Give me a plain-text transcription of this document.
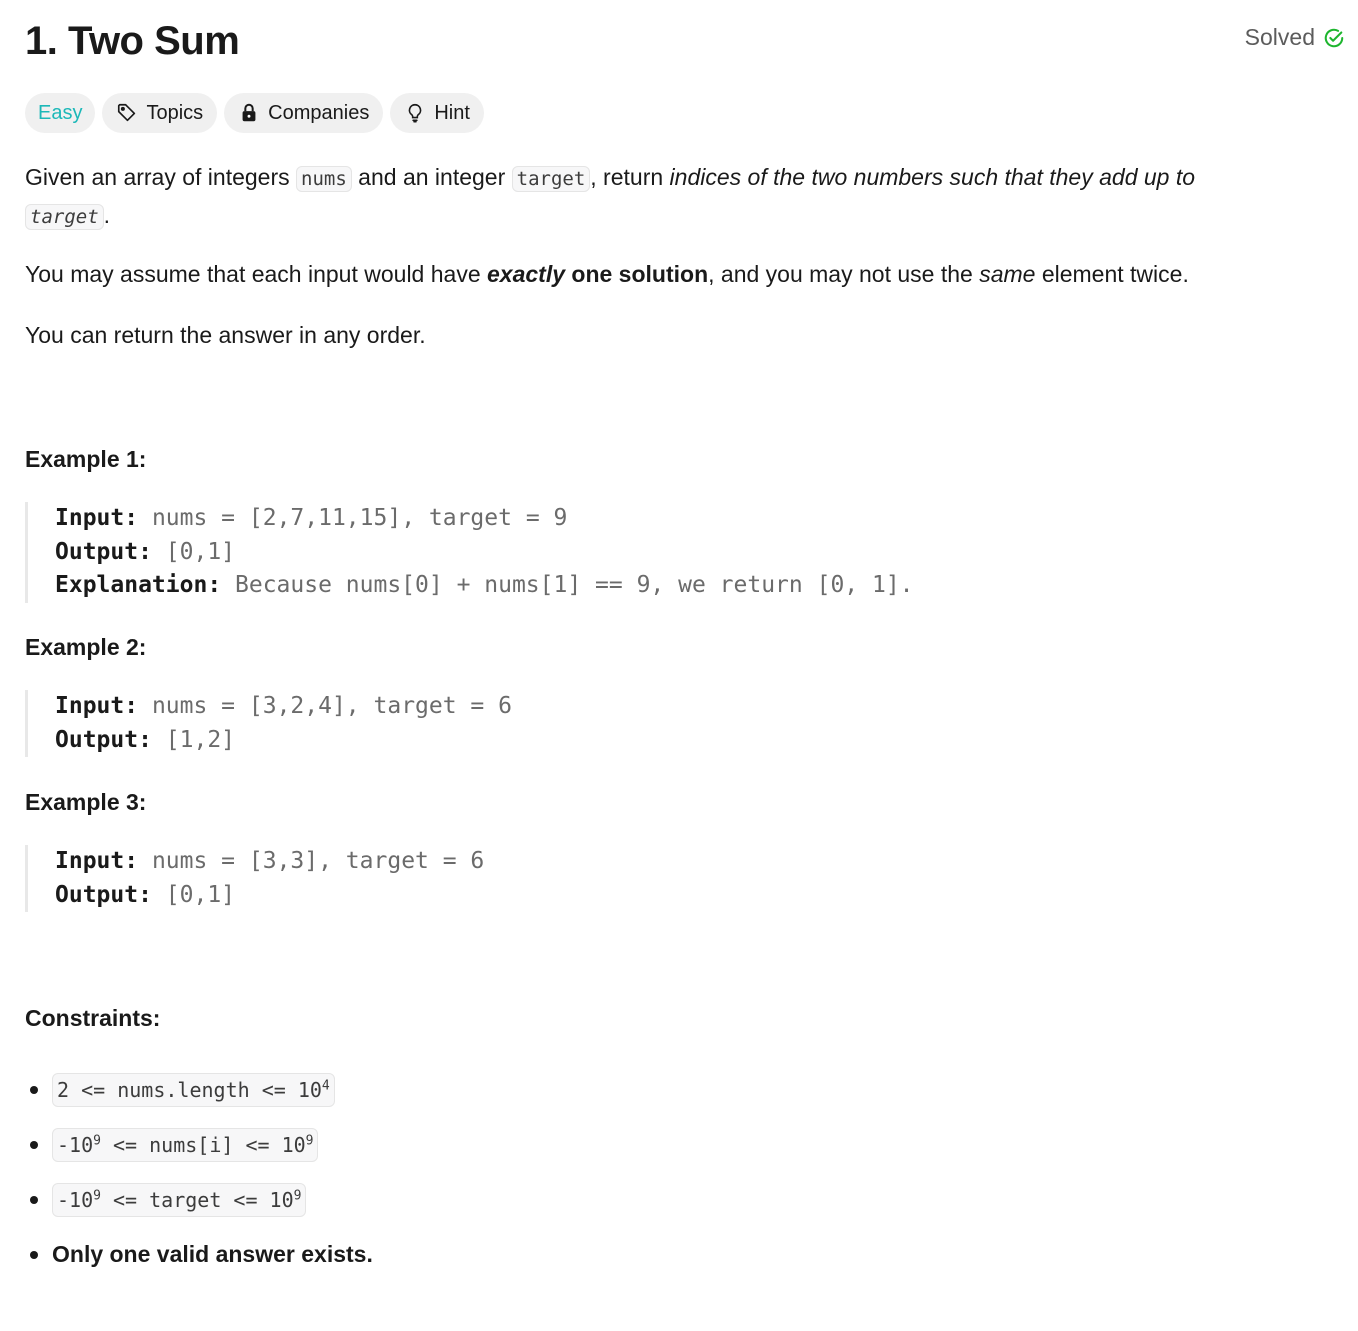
1. Two Sum	Solved
Easy	Topics	Companies	Hint

Given an array of integers nums and an integer target , return indices of the two numbers such that they add up to
target .

You may assume that each input would have exactly one solution, and you may not use the same element twice.

You can return the answer in any order.

Example 1:
Input: nums = [2,7,11,15], target = 9
Output: [0,1]
Explanation: Because nums[0] + nums[1] == 9, we return [0, 1].
Example 2:
Input: nums = [3,2,4], target = 6
Output: [1,2]
Example 3:
Input: nums = [3,3], target = 6
Output: [0,1]
Constraints:
2 <= nums.length <= $10^4$
$-10^9$ <= nums[i] <= $10^9$
$-10^9$ <= target <= $10^9$
Only one valid answer exists.
